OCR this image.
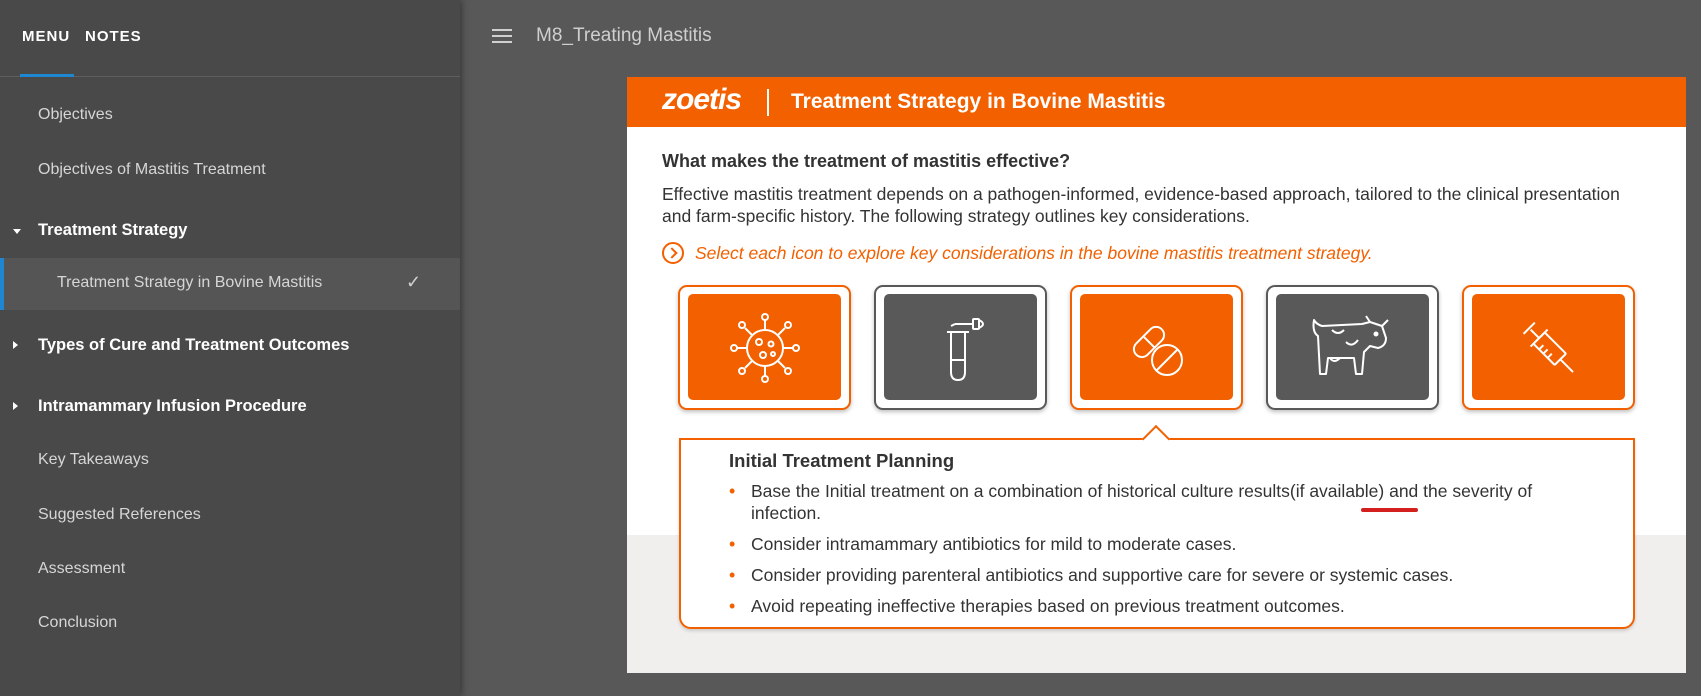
MENU NOTES
Objectives
Objectives of Mastitis Treatment
Treatment Strategy
Treatment Strategy in Bovine Mastitis	✓
Types of Cure and Treatment Outcomes
Intramammary Infusion Procedure
Key Takeaways
Suggested References
Assessment
Conclusion
M8_Treating Mastitis
zoetis Treatment Strategy in Bovine Mastitis
What makes the treatment of mastitis effective?
Effective mastitis treatment depends on a pathogen-informed, evidence-based approach, tailored to the clinical presentation and farm-specific history. The following strategy outlines key considerations.
Select each icon to explore key considerations in the bovine mastitis treatment strategy.
Initial Treatment Planning
• Base the Initial treatment on a combination of historical culture results(if available) and the severity of infection.
• Consider intramammary antibiotics for mild to moderate cases.
• Consider providing parenteral antibiotics and supportive care for severe or systemic cases.
• Avoid repeating ineffective therapies based on previous treatment outcomes.
